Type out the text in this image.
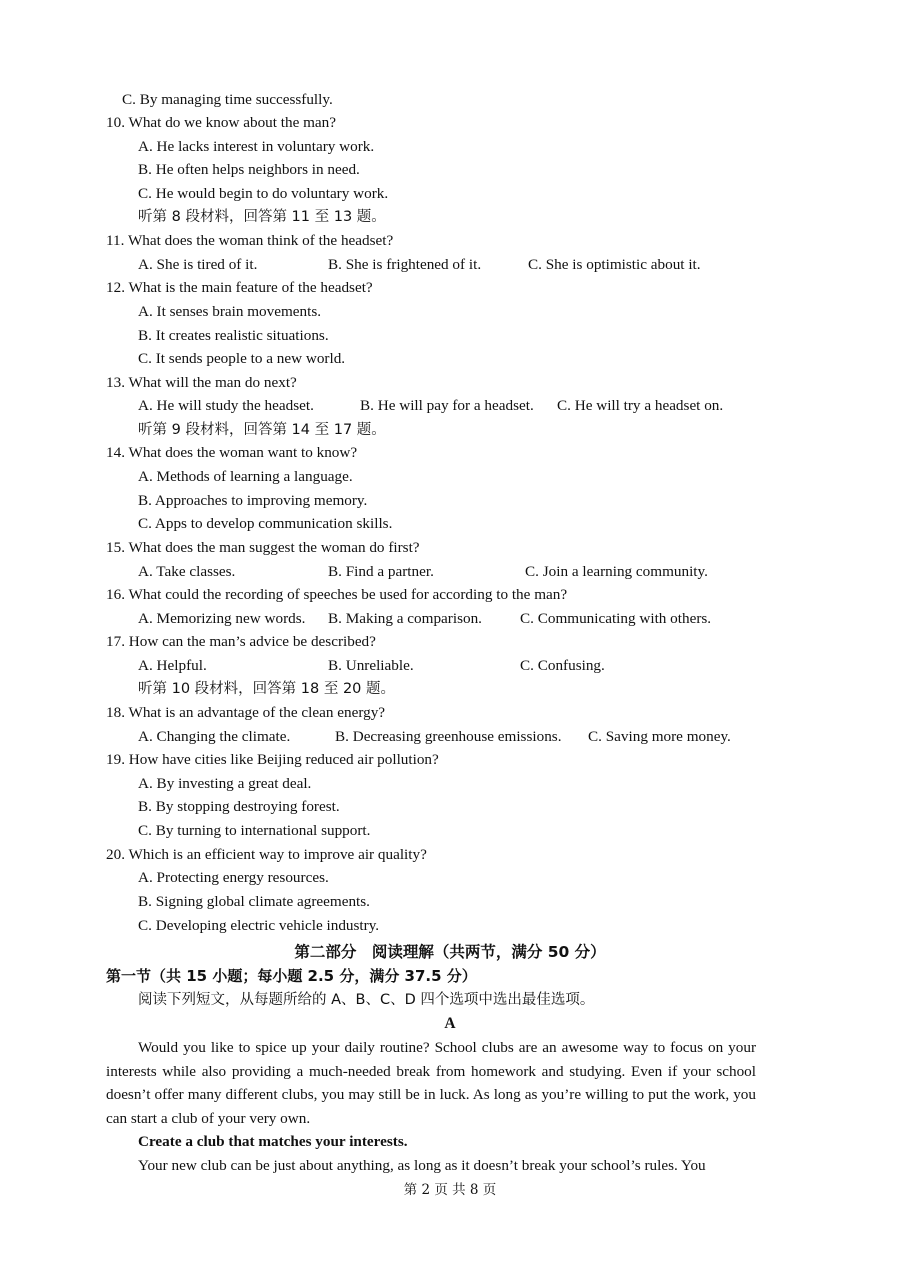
C. By managing time successfully.
10. What do we know about the man?
A. He lacks interest in voluntary work.
B. He often helps neighbors in need.
C. He would begin to do voluntary work.
听第 8 段材料，回答第 11 至 13 题。
11. What does the woman think of the headset?
A. She is tired of it.	B. She is frightened of it.	C. She is optimistic about it.
12. What is the main feature of the headset?
A. It senses brain movements.
B. It creates realistic situations.
C. It sends people to a new world.
13. What will the man do next?
A. He will study the headset.	B. He will pay for a headset. C. He will try a headset on.
听第 9 段材料，回答第 14 至 17 题。
14. What does the woman want to know?
A. Methods of learning a language.
B. Approaches to improving memory.
C. Apps to develop communication skills.
15. What does the man suggest the woman do first?
A. Take classes.	B. Find a partner.	C. Join a learning community.
16. What could the recording of speeches be used for according to the man?
A. Memorizing new words. B. Making a comparison.	C. Communicating with others.
17. How can the man’s advice be described?
A. Helpful.	B. Unreliable.	C. Confusing.
听第 10 段材料，回答第 18 至 20 题。
18. What is an advantage of the clean energy?
A. Changing the climate.	B. Decreasing greenhouse emissions. C. Saving more money.
19. How have cities like Beijing reduced air pollution?
A. By investing a great deal.
B. By stopping destroying forest.
C. By turning to international support.
20. Which is an efficient way to improve air quality?
A. Protecting energy resources.
B. Signing global climate agreements.
C. Developing electric vehicle industry.
第二部分　阅读理解（共两节，满分 50 分）
第一节（共 15 小题；每小题 2.5 分，满分 37.5 分）
阅读下列短文，从每题所给的 A、B、C、D 四个选项中选出最佳选项。
A
Would you like to spice up your daily routine? School clubs are an awesome way to focus on your interests while also providing a much-needed break from homework and studying. Even if your school doesn’t offer many different clubs, you may still be in luck. As long as you’re willing to put the work, you can start a club of your very own.
Create a club that matches your interests.
Your new club can be just about anything, as long as it doesn’t break your school’s rules. You
第 2 页 共 8 页
